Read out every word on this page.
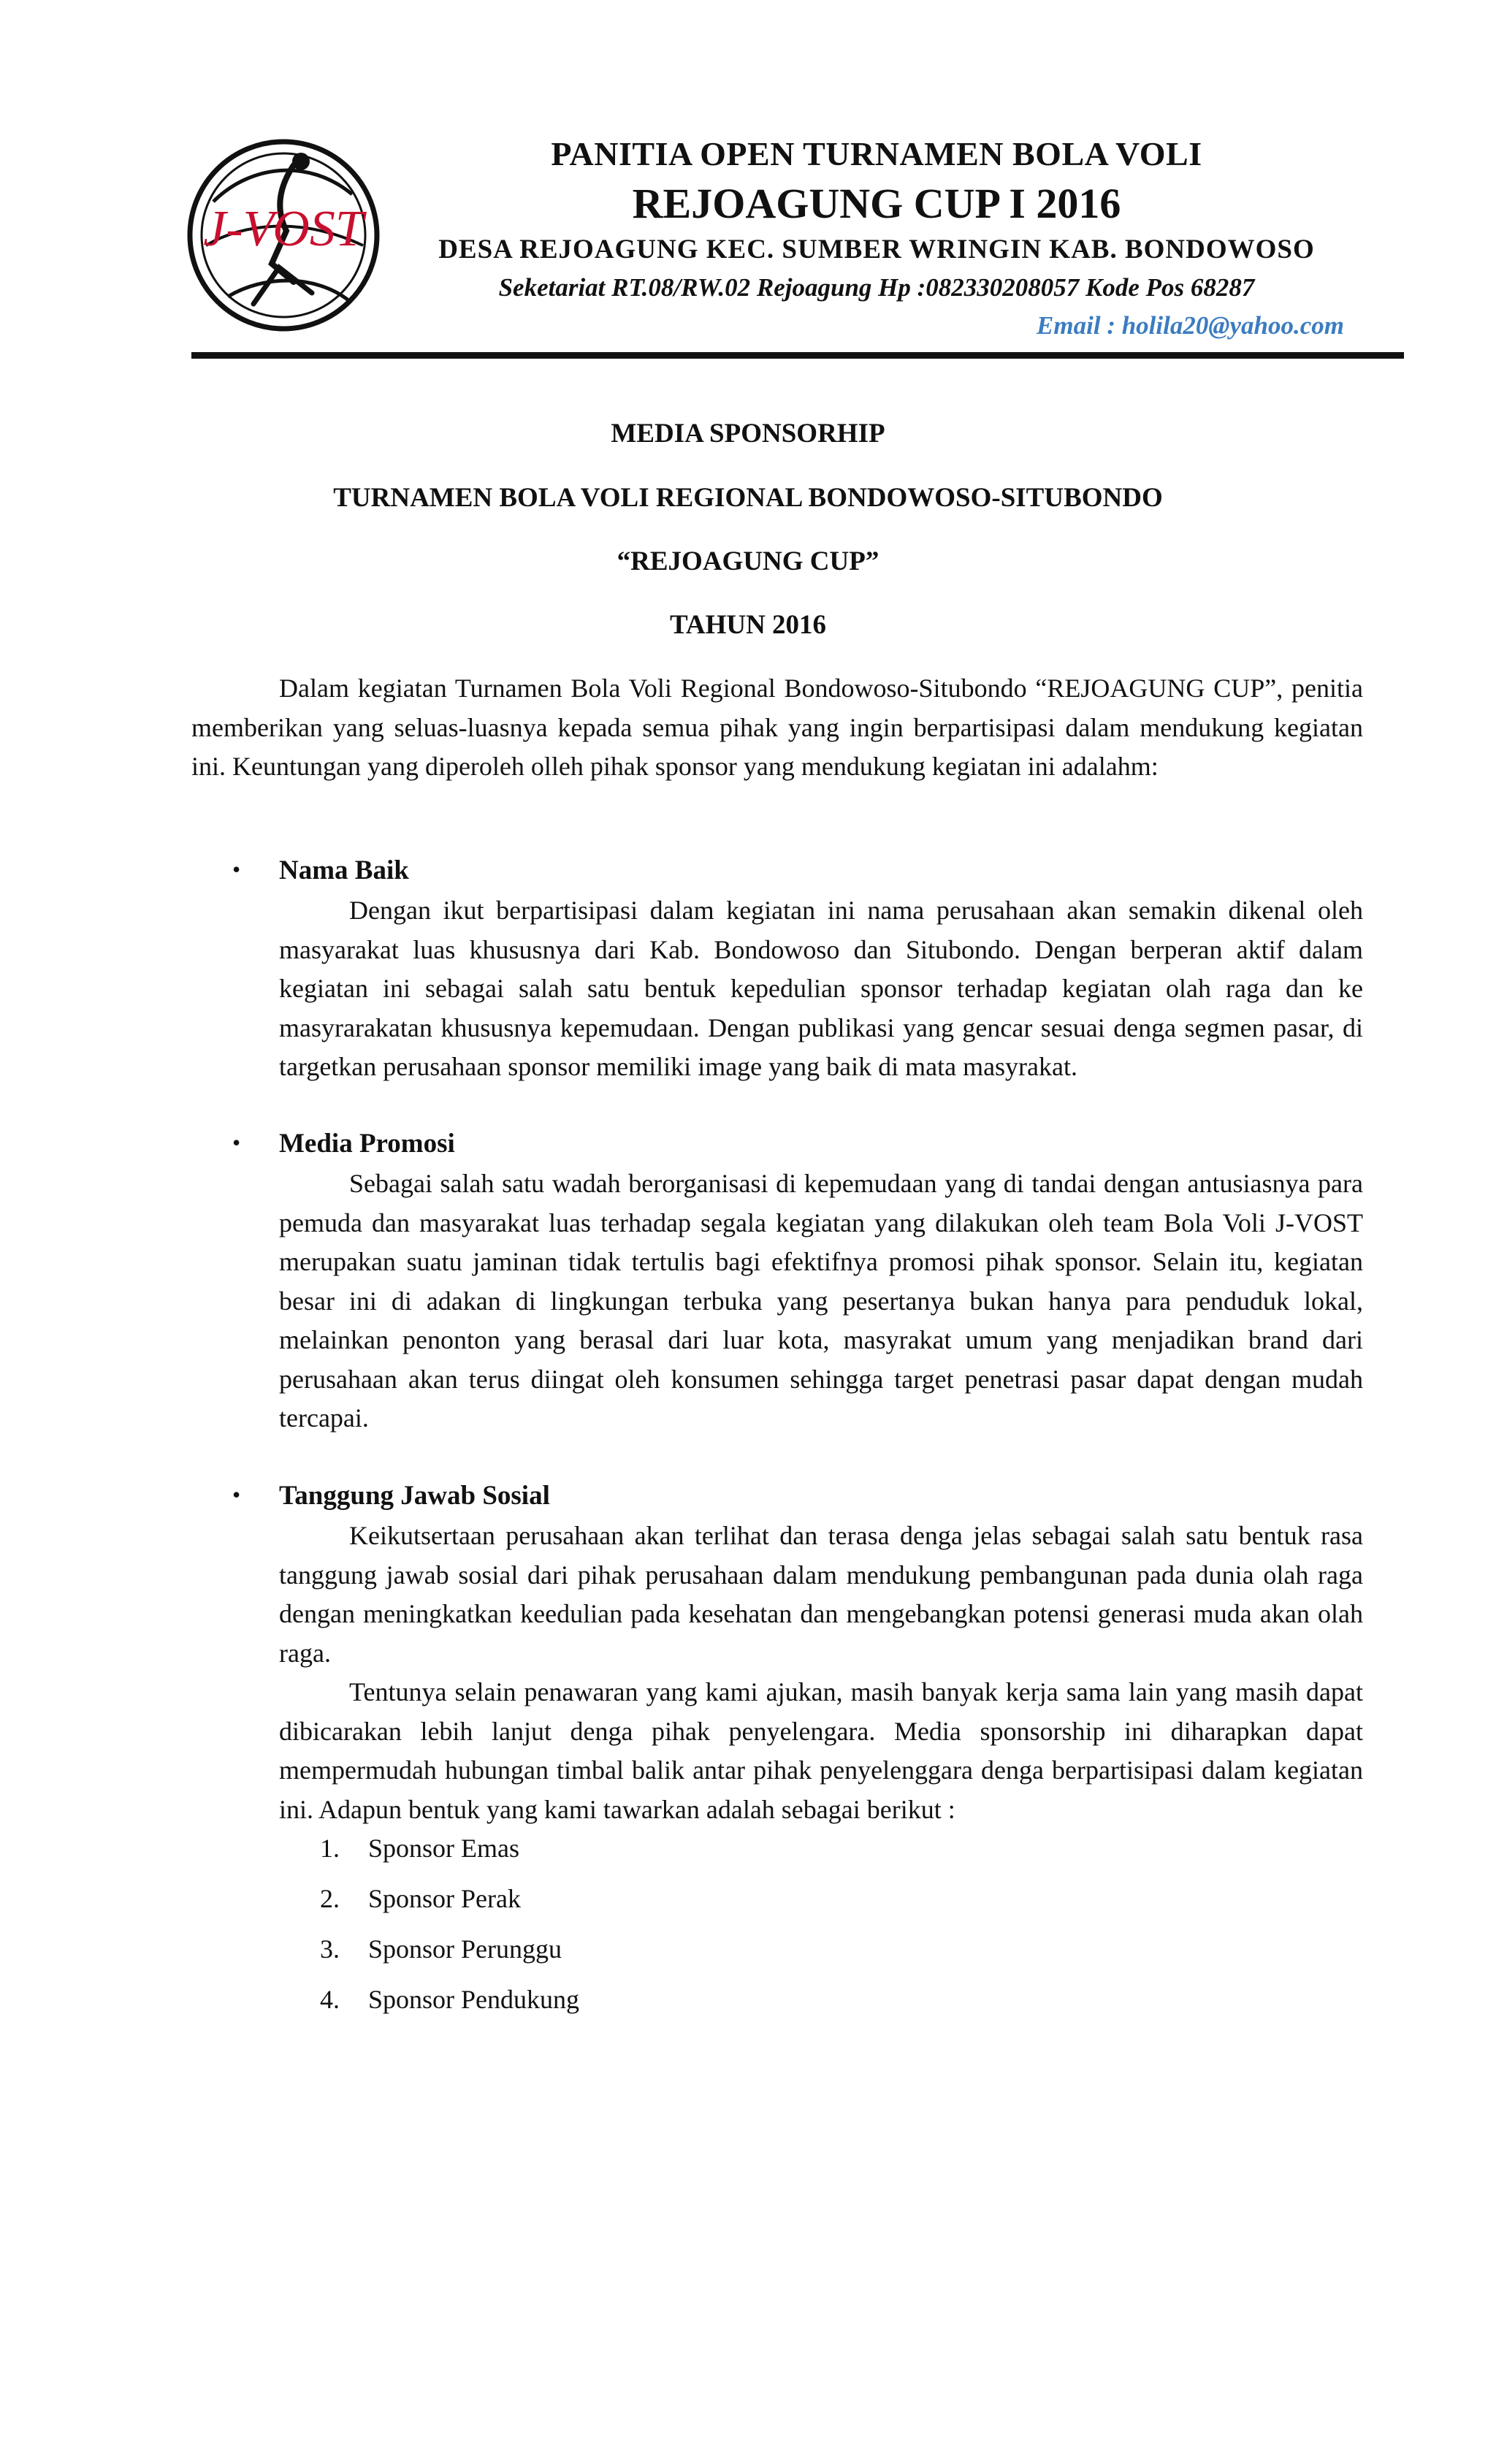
J-VOST
PANITIA OPEN TURNAMEN BOLA VOLI
REJOAGUNG CUP I 2016
DESA REJOAGUNG KEC. SUMBER WRINGIN KAB. BONDOWOSO
Seketariat RT.08/RW.02 Rejoagung Hp :082330208057 Kode Pos 68287
Email : holila20@yahoo.com
MEDIA SPONSORHIP
TURNAMEN BOLA VOLI REGIONAL BONDOWOSO-SITUBONDO
“REJOAGUNG CUP”
TAHUN 2016
Dalam kegiatan Turnamen Bola Voli Regional Bondowoso-Situbondo “REJOAGUNG CUP”, penitia memberikan yang seluas-luasnya kepada semua pihak yang ingin berpartisipasi dalam mendukung kegiatan ini. Keuntungan yang diperoleh olleh pihak sponsor yang mendukung kegiatan ini adalahm:
• Nama Baik
Dengan ikut berpartisipasi dalam kegiatan ini nama perusahaan akan semakin dikenal oleh masyarakat luas khususnya dari Kab. Bondowoso dan Situbondo. Dengan berperan aktif dalam kegiatan ini sebagai salah satu bentuk kepedulian sponsor terhadap kegiatan olah raga dan ke masyrarakatan khususnya kepemudaan. Dengan publikasi yang gencar sesuai denga segmen pasar, di targetkan perusahaan sponsor memiliki image yang baik di mata masyrakat.
• Media Promosi
Sebagai salah satu wadah berorganisasi di kepemudaan yang di tandai dengan antusiasnya para pemuda dan masyarakat luas terhadap segala kegiatan yang dilakukan oleh team Bola Voli J-VOST merupakan suatu jaminan tidak tertulis bagi efektifnya promosi pihak sponsor. Selain itu, kegiatan besar ini di adakan di lingkungan terbuka yang pesertanya bukan hanya para penduduk lokal, melainkan penonton yang berasal dari luar kota, masyrakat umum yang menjadikan brand dari perusahaan akan terus diingat oleh konsumen sehingga target penetrasi pasar dapat dengan mudah tercapai.
• Tanggung Jawab Sosial
Keikutsertaan perusahaan akan terlihat dan terasa denga jelas sebagai salah satu bentuk rasa tanggung jawab sosial dari pihak perusahaan dalam mendukung pembangunan pada dunia olah raga dengan meningkatkan keedulian pada kesehatan dan mengebangkan potensi generasi muda akan olah raga.
Tentunya selain penawaran yang kami ajukan, masih banyak kerja sama lain yang masih dapat dibicarakan lebih lanjut denga pihak penyelengara. Media sponsorship ini diharapkan dapat mempermudah hubungan timbal balik antar pihak penyelenggara denga berpartisipasi dalam kegiatan ini. Adapun bentuk yang kami tawarkan adalah sebagai berikut :
1. Sponsor Emas
2. Sponsor Perak
3. Sponsor Perunggu
4. Sponsor Pendukung
